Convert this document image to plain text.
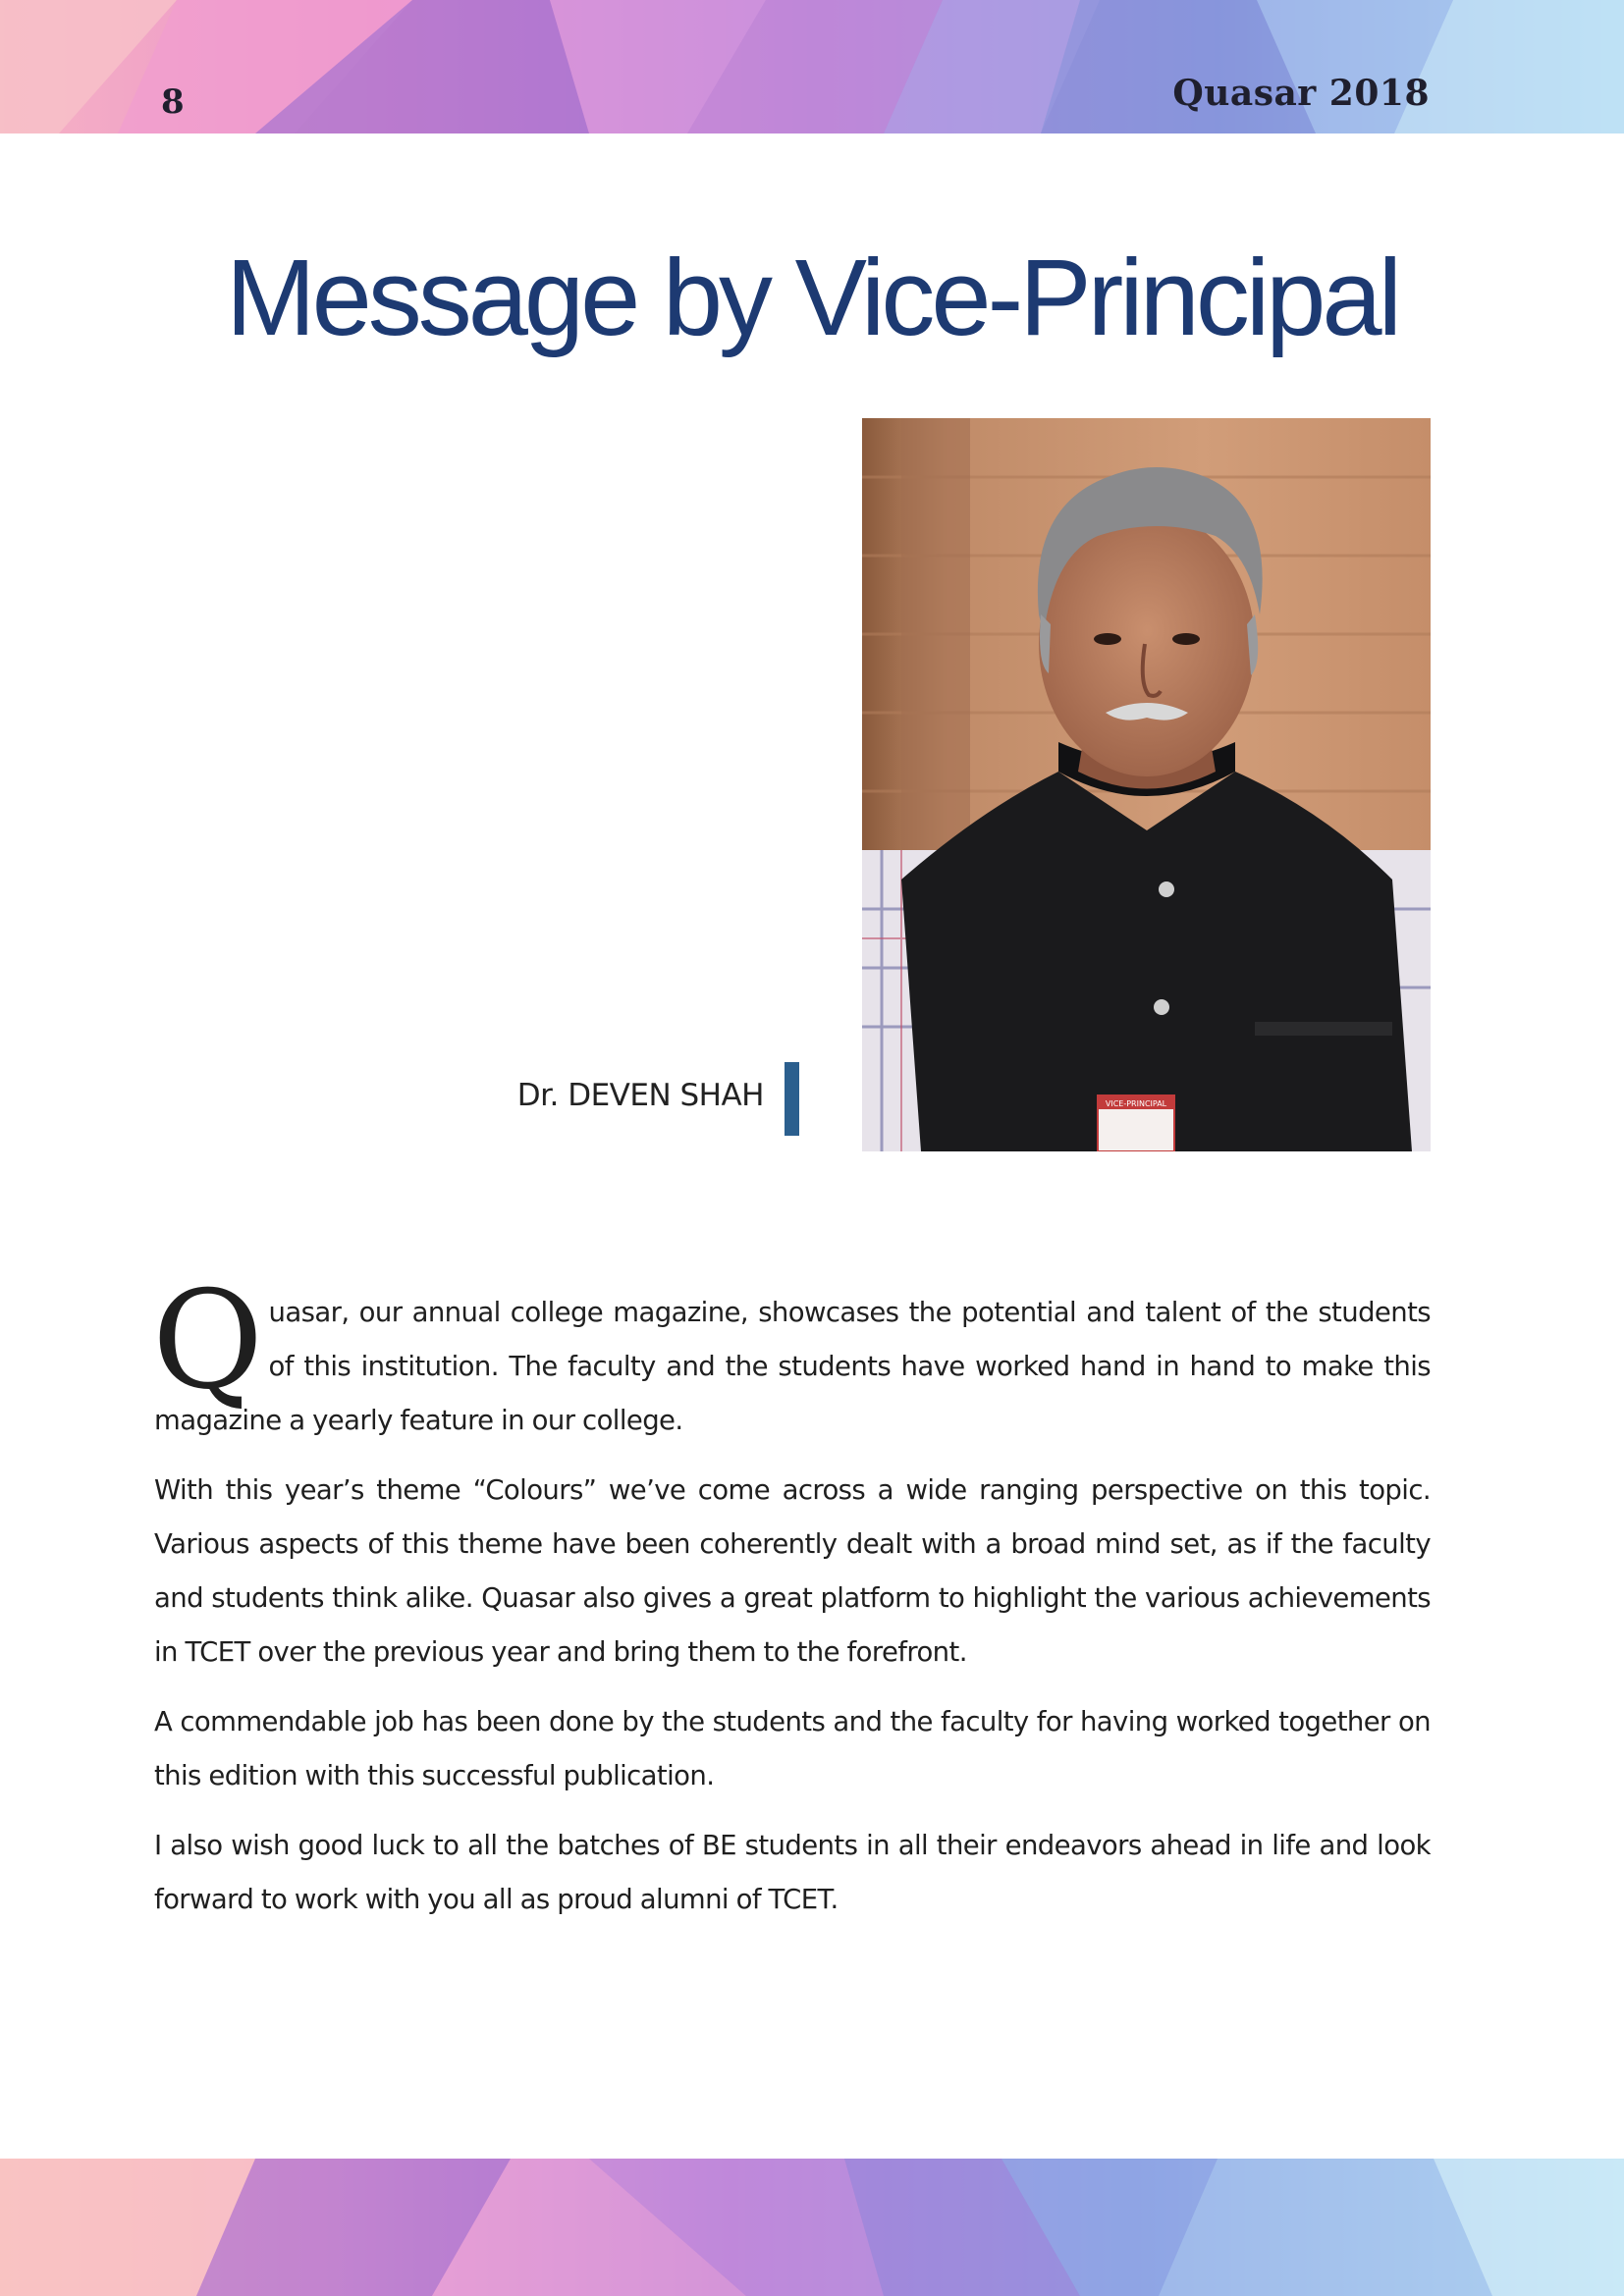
8	Quasar 2018
Message by Vice-Principal
VICE-PRINCIPAL
Dr. DEVEN SHAH

Quasar, our annual college magazine, showcases the potential and talent of the students of this institution. The faculty and the students have worked hand in hand to make this magazine a yearly feature in our college.

With this year’s theme “Colours” we’ve come across a wide ranging perspective on this topic. Various aspects of this theme have been coherently dealt with a broad mind set, as if the faculty and students think alike. Quasar also gives a great platform to highlight the various achievements in TCET over the previous year and bring them to the forefront.

A commendable job has been done by the students and the faculty for having worked together on this edition with this successful publication.

I also wish good luck to all the batches of BE students in all their endeavors ahead in life and look forward to work with you all as proud alumni of TCET.
